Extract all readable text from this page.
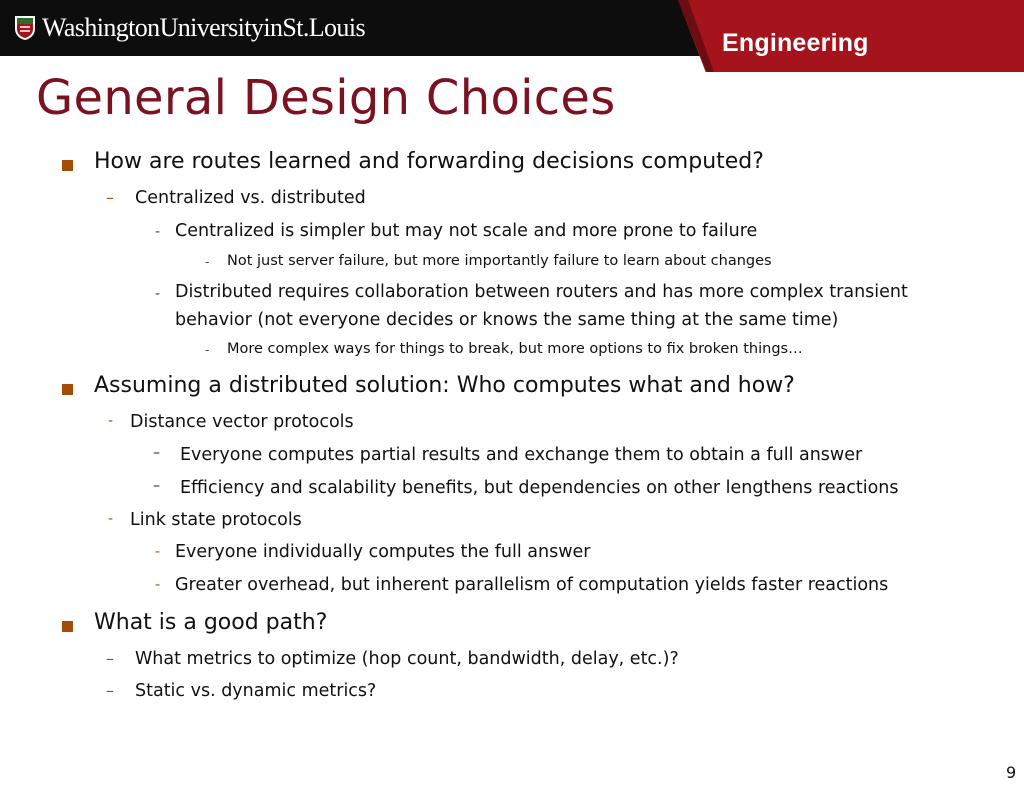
WashingtonUniversityinSt.Louis
Engineering
General Design Choices
How are routes learned and forwarding decisions computed?
– Centralized vs. distributed
- Centralized is simpler but may not scale and more prone to failure
- Not just server failure, but more importantly failure to learn about changes
- Distributed requires collaboration between routers and has more complex transient
behavior (not everyone decides or knows the same thing at the same time)
- More complex ways for things to break, but more options to fix broken things…
Assuming a distributed solution: Who computes what and how?
- Distance vector protocols
– Everyone computes partial results and exchange them to obtain a full answer
– Efficiency and scalability benefits, but dependencies on other lengthens reactions
- Link state protocols
- Everyone individually computes the full answer
- Greater overhead, but inherent parallelism of computation yields faster reactions
What is a good path?
– What metrics to optimize (hop count, bandwidth, delay, etc.)?
– Static vs. dynamic metrics?
9
